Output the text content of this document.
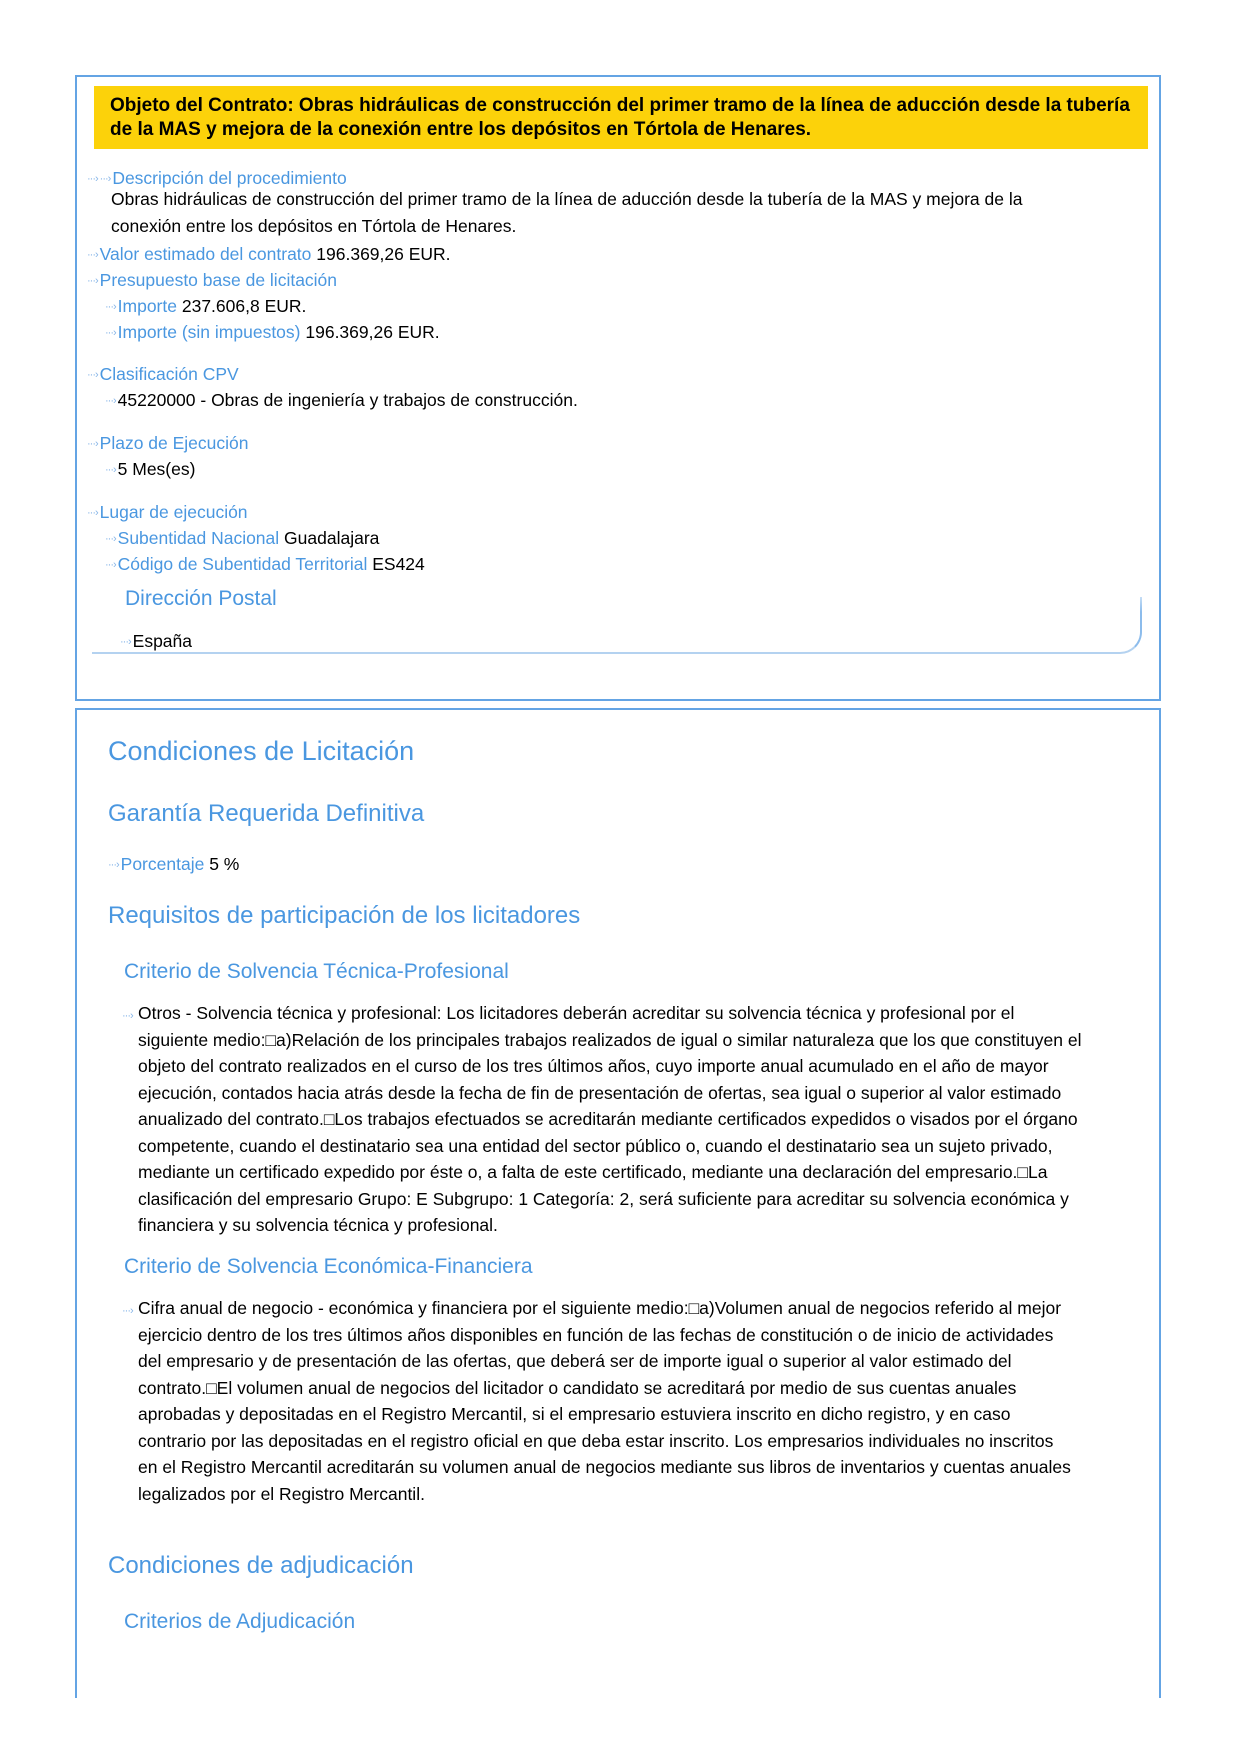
Objeto del Contrato: Obras hidráulicas de construcción del primer tramo de la línea de aducción desde la tubería de la MAS y mejora de la conexión entre los depósitos en Tórtola de Henares.
···› ···› Descripción del procedimiento
Obras hidráulicas de construcción del primer tramo de la línea de aducción desde la tubería de la MAS y mejora de la
conexión entre los depósitos en Tórtola de Henares.
···› Valor estimado del contrato 196.369,26 EUR.
···› Presupuesto base de licitación
···› Importe 237.606,8 EUR.
···› Importe (sin impuestos) 196.369,26 EUR.
···› Clasificación CPV
···› 45220000 - Obras de ingeniería y trabajos de construcción.
···› Plazo de Ejecución
···› 5 Mes(es)
···› Lugar de ejecución
···› Subentidad Nacional Guadalajara
···› Código de Subentidad Territorial ES424
Dirección Postal
···› España
Condiciones de Licitación
Garantía Requerida Definitiva
···› Porcentaje 5 %
Requisitos de participación de los licitadores
Criterio de Solvencia Técnica-Profesional
···› Otros - Solvencia técnica y profesional: Los licitadores deberán acreditar su solvencia técnica y profesional por el
siguiente medio:□a)Relación de los principales trabajos realizados de igual o similar naturaleza que los que constituyen el
objeto del contrato realizados en el curso de los tres últimos años, cuyo importe anual acumulado en el año de mayor
ejecución, contados hacia atrás desde la fecha de fin de presentación de ofertas, sea igual o superior al valor estimado
anualizado del contrato.□Los trabajos efectuados se acreditarán mediante certificados expedidos o visados por el órgano
competente, cuando el destinatario sea una entidad del sector público o, cuando el destinatario sea un sujeto privado,
mediante un certificado expedido por éste o, a falta de este certificado, mediante una declaración del empresario.□La
clasificación del empresario Grupo: E Subgrupo: 1 Categoría: 2, será suficiente para acreditar su solvencia económica y
financiera y su solvencia técnica y profesional.
Criterio de Solvencia Económica-Financiera
···› Cifra anual de negocio - económica y financiera por el siguiente medio:□a)Volumen anual de negocios referido al mejor
ejercicio dentro de los tres últimos años disponibles en función de las fechas de constitución o de inicio de actividades
del empresario y de presentación de las ofertas, que deberá ser de importe igual o superior al valor estimado del
contrato.□El volumen anual de negocios del licitador o candidato se acreditará por medio de sus cuentas anuales
aprobadas y depositadas en el Registro Mercantil, si el empresario estuviera inscrito en dicho registro, y en caso
contrario por las depositadas en el registro oficial en que deba estar inscrito. Los empresarios individuales no inscritos
en el Registro Mercantil acreditarán su volumen anual de negocios mediante sus libros de inventarios y cuentas anuales
legalizados por el Registro Mercantil.
Condiciones de adjudicación
Criterios de Adjudicación
